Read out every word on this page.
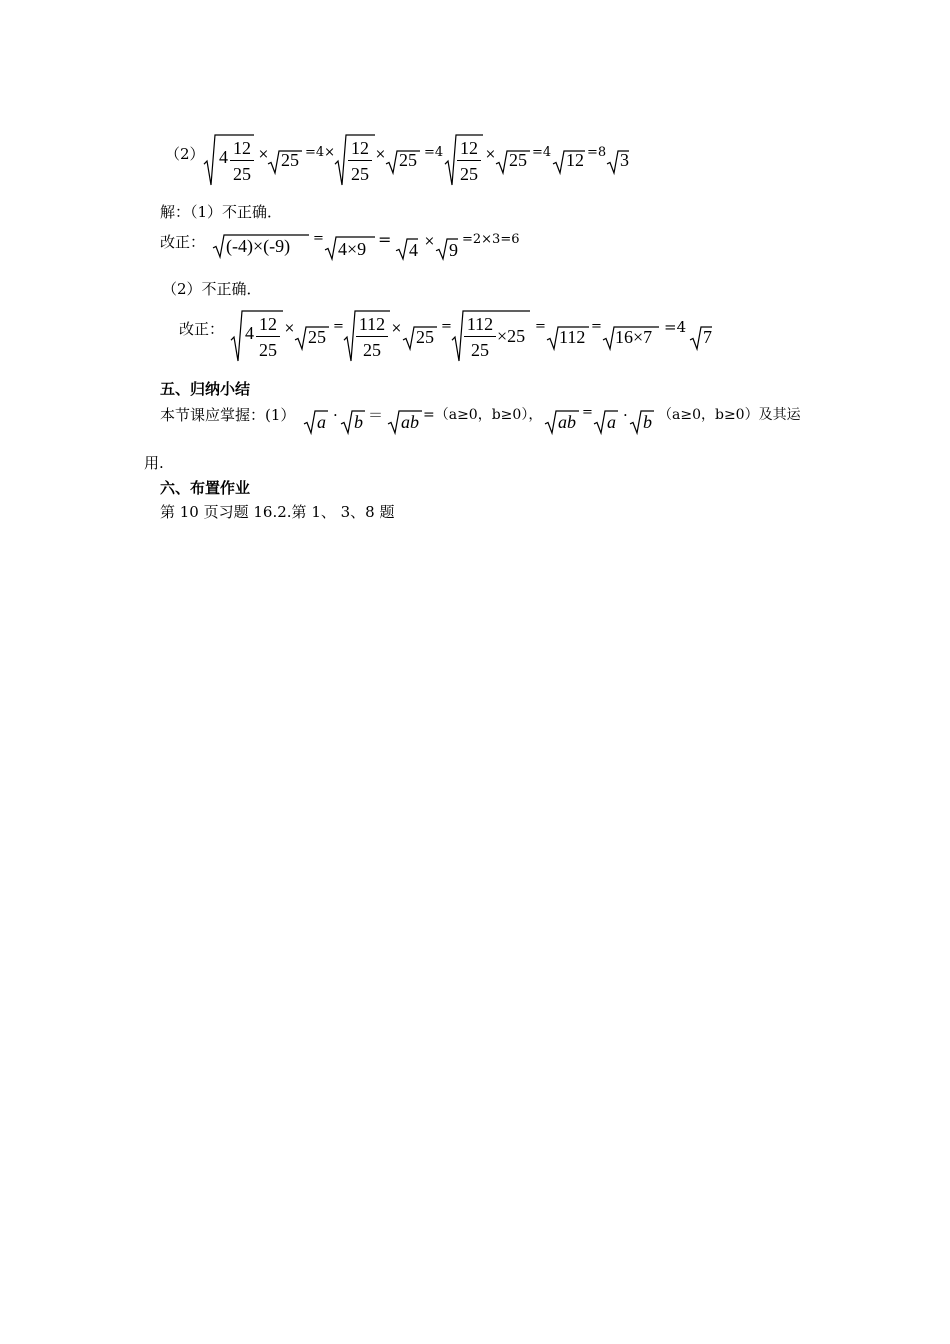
（2） 4 12
25
× 25 =4× 12
25
× 25 =4 12
25
× 25 =4 12 =8 3
解：（1）不正确．
改正： (-4)×(-9) =
4×9 =
4 × 9
=2×3=6
（2）不正确．
改正： 4 12
25
× 25
= 112
25
× 25
= 112
25
×25 =
112
=
16×7 =4 7
五、归纳小结
本节课应掌握：(1） a · b ＝ ab =（a≥0，b≥0）， ab = a · b （a≥0，b≥0）及其运
用.
六、布置作业
第 10 页习题 16.2.第 1、 3、8 题
